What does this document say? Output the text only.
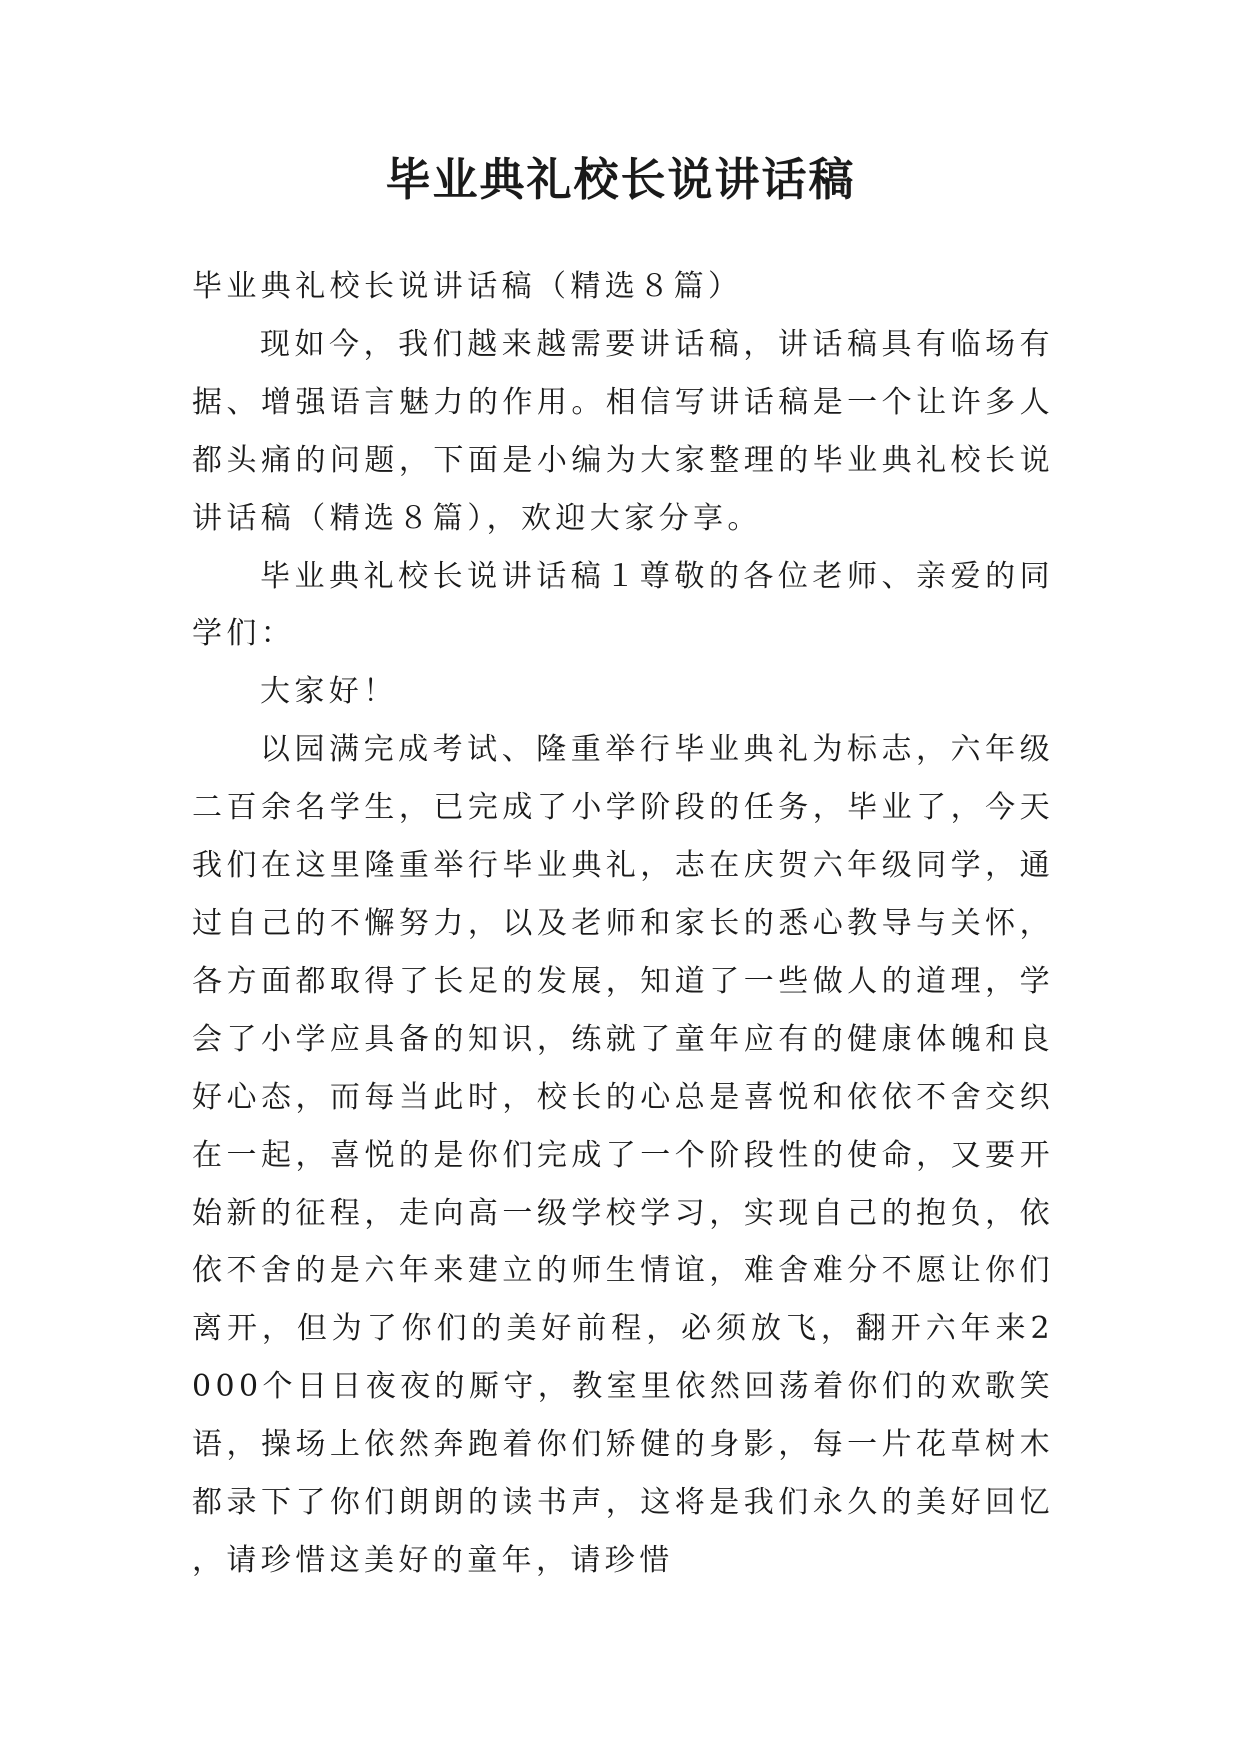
毕业典礼校长说讲话稿

毕业典礼校长说讲话稿（精选８篇）

现如今，我们越来越需要讲话稿，讲话稿具有临场有据、增强语言魅力的作用。相信写讲话稿是一个让许多人都头痛的问题，下面是小编为大家整理的毕业典礼校长说讲话稿（精选８篇），欢迎大家分享。

毕业典礼校长说讲话稿１尊敬的各位老师、亲爱的同学们：

大家好！

以园满完成考试、隆重举行毕业典礼为标志，六年级二百余名学生，已完成了小学阶段的任务，毕业了，今天我们在这里隆重举行毕业典礼，志在庆贺六年级同学，通过自己的不懈努力，以及老师和家长的悉心教导与关怀，各方面都取得了长足的发展，知道了一些做人的道理，学会了小学应具备的知识，练就了童年应有的健康体魄和良好心态，而每当此时，校长的心总是喜悦和依依不舍交织在一起，喜悦的是你们完成了一个阶段性的使命，又要开始新的征程，走向高一级学校学习，实现自己的抱负，依依不舍的是六年来建立的师生情谊，难舍难分不愿让你们离开，但为了你们的美好前程，必须放飞，翻开六年来2000个日日夜夜的厮守，教室里依然回荡着你们的欢歌笑语，操场上依然奔跑着你们矫健的身影，每一片花草树木都录下了你们朗朗的读书声，这将是我们永久的美好回忆，请珍惜这美好的童年，请珍惜
